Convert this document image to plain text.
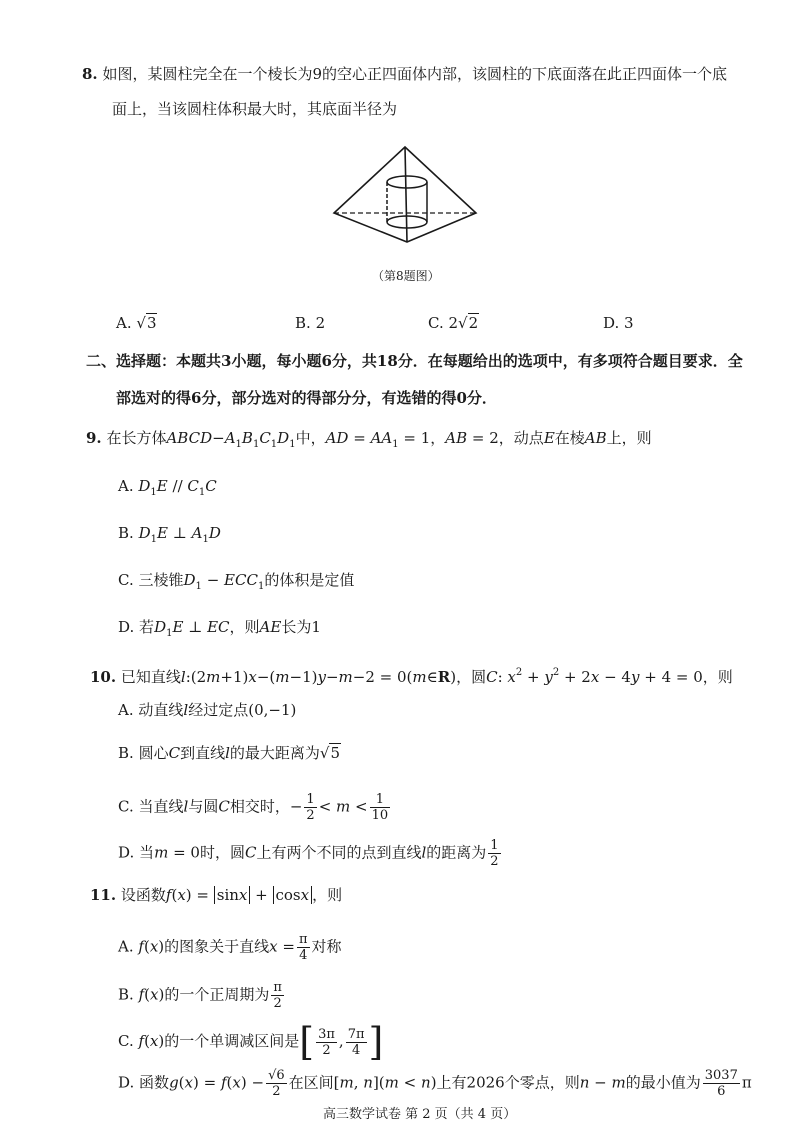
8. 如图，某圆柱完全在一个棱长为9的空心正四面体内部，该圆柱的下底面落在此正四面体一个底
面上，当该圆柱体积最大时，其底面半径为
（第8题图）
A. √3	B. 2	C. 2√2	D. 3
二、选择题：本题共3小题，每小题6分，共18分．在每题给出的选项中，有多项符合题目要求．全
部选对的得6分，部分选对的得部分分，有选错的得0分．
9. 在长方体$ABCD-A_1B_1C_1D_1$中，AD = $AA_1 = 1$，AB = 2，动点E在棱AB上，则
A. $D_1E // C_1C$
B. $D_1E$ ⊥ $A_1D$
C. 三棱锥$D_1 - ECC_1$的体积是定值
D. 若$D_1E$ ⊥ EC，则AE长为1
10. 已知直线l:(2m+1)x−(m−1)y−m−2 = 0(m∈R)，圆C: $x^2 + y^2 + 2x - 4y + 4 = 0$，则
A. 动直线l经过定点(0,−1)
B. 圆心C到直线l的最大距离为√5
C. 当直线l与圆C相交时，− $\frac{1}{2} < m < \frac{1}{10}$
D. 当m = 0时，圆C上有两个不同的点到直线l的距离为 $\frac{1}{2}$
11. 设函数f(x) = sinx + cosx ，则
A. f(x)的图象关于直线$x = \frac{\pi}{4}$ 对称
B. f(x)的一个正周期为 $\frac{\pi}{2}$
C. f(x)的一个单调减区间是[ $\frac{3\pi}{2}$ , $\frac{7\pi}{4}$ ]
D. 函数$g(x) = f(x) - \frac{√6}{2}$ 在区间[m, n](m < n)上有2026个零点，则n − m的最小值为 $\frac{3037}{6}$ π
高三数学试卷 第 2 页（共 4 页）
